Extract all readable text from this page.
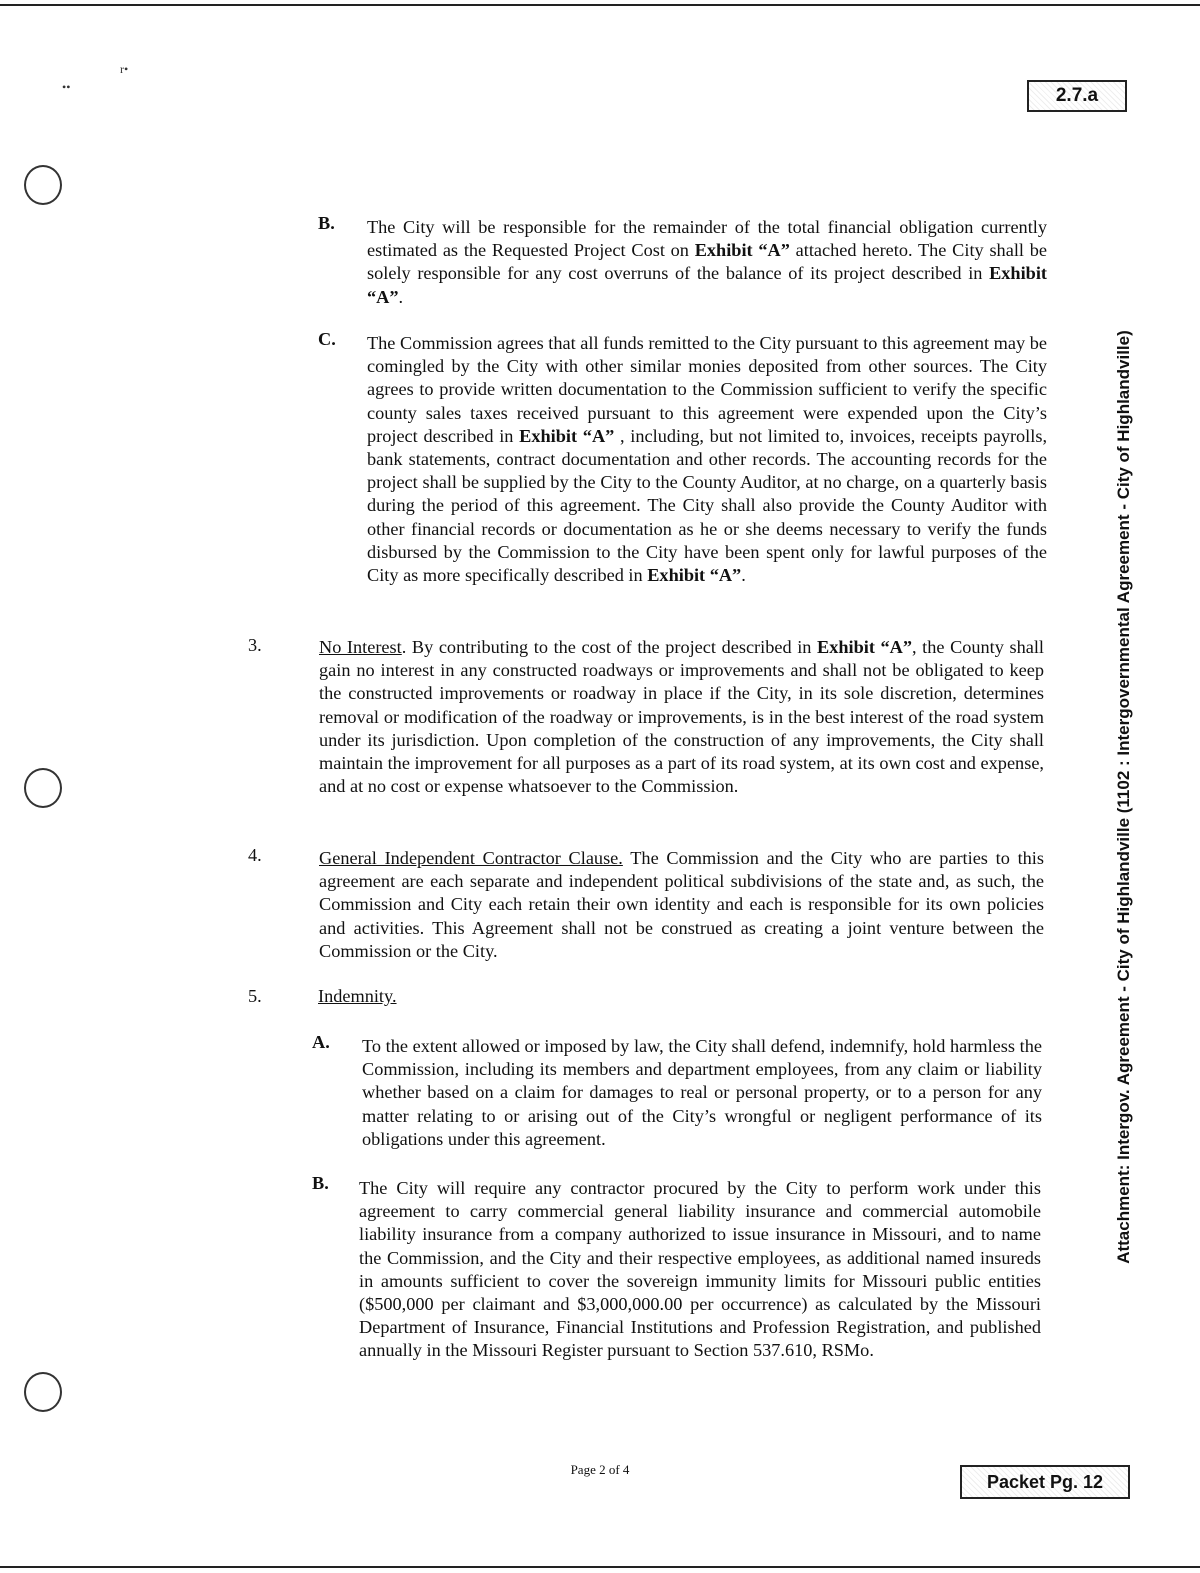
r•
••	2.7.a
Attachment: Intergov. Agreement - City of Highlandville (1102 : Intergovernmental Agreement - City of Highlandville)
B. The City will be responsible for the remainder of the total financial obligation currently estimated as the Requested Project Cost on Exhibit “A” attached hereto. The City shall be solely responsible for any cost overruns of the balance of its project described in Exhibit “A”.

C. The Commission agrees that all funds remitted to the City pursuant to this agreement may be comingled by the City with other similar monies deposited from other sources. The City agrees to provide written documentation to the Commission sufficient to verify the specific county sales taxes received pursuant to this agreement were expended upon the City’s project described in Exhibit “A” , including, but not limited to, invoices, receipts payrolls, bank statements, contract documentation and other records. The accounting records for the project shall be supplied by the City to the County Auditor, at no charge, on a quarterly basis during the period of this agreement. The City shall also provide the County Auditor with other financial records or documentation as he or she deems necessary to verify the funds disbursed by the Commission to the City have been spent only for lawful purposes of the City as more specifically described in Exhibit “A”.

3.	No Interest. By contributing to the cost of the project described in Exhibit “A”, the County shall gain no interest in any constructed roadways or improvements and shall not be obligated to keep the constructed improvements or roadway in place if the City, in its sole discretion, determines removal or modification of the roadway or improvements, is in the best interest of the road system under its jurisdiction. Upon completion of the construction of any improvements, the City shall maintain the improvement for all purposes as a part of its road system, at its own cost and expense, and at no cost or expense whatsoever to the Commission.

4.	General Independent Contractor Clause. The Commission and the City who are parties to this agreement are each separate and independent political subdivisions of the state and, as such, the Commission and City each retain their own identity and each is responsible for its own policies and activities. This Agreement shall not be construed as creating a joint venture between the Commission or the City.

5.	Indemnity.

A. To the extent allowed or imposed by law, the City shall defend, indemnify, hold harmless the Commission, including its members and department employees, from any claim or liability whether based on a claim for damages to real or personal property, or to a person for any matter relating to or arising out of the City’s wrongful or negligent performance of its obligations under this agreement.

B. The City will require any contractor procured by the City to perform work under this agreement to carry commercial general liability insurance and commercial automobile liability insurance from a company authorized to issue insurance in Missouri, and to name the Commission, and the City and their respective employees, as additional named insureds in amounts sufficient to cover the sovereign immunity limits for Missouri public entities ($500,000 per claimant and $3,000,000.00 per occurrence) as calculated by the Missouri Department of Insurance, Financial Institutions and Profession Registration, and published annually in the Missouri Register pursuant to Section 537.610, RSMo.

Page 2 of 4
Packet Pg. 12
